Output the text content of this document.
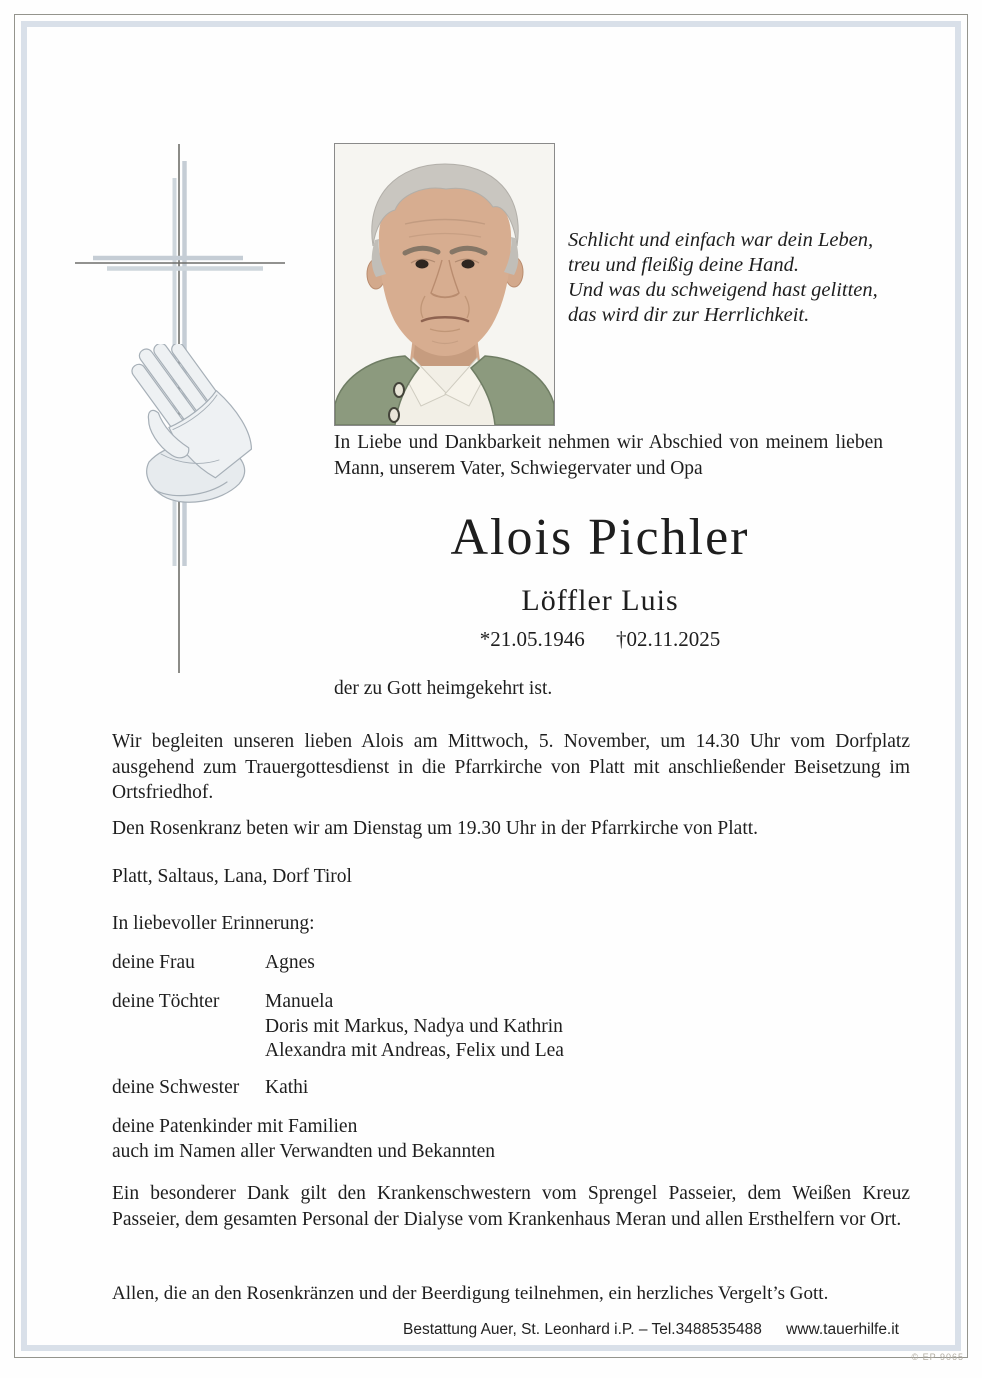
Schlicht und einfach war dein Leben,
treu und fleißig deine Hand.
Und was du schweigend hast gelitten,
das wird dir zur Herrlichkeit.
In Liebe und Dankbarkeit nehmen wir Abschied von meinem lieben Mann, unserem Vater, Schwiegervater und Opa
Alois Pichler
Löffler Luis
*21.05.1946 †02.11.2025
der zu Gott heimgekehrt ist.
Wir begleiten unseren lieben Alois am Mittwoch, 5. November, um 14.30 Uhr vom Dorfplatz ausgehend zum Trauergottesdienst in die Pfarrkirche von Platt mit anschließender Beisetzung im Ortsfriedhof.
Den Rosenkranz beten wir am Dienstag um 19.30 Uhr in der Pfarrkirche von Platt.
Platt, Saltaus, Lana, Dorf Tirol
In liebevoller Erinnerung:
deine Frau	Agnes
deine Töchter	Manuela
Doris mit Markus, Nadya und Kathrin
Alexandra mit Andreas, Felix und Lea
deine Schwester	Kathi
deine Patenkinder mit Familien
auch im Namen aller Verwandten und Bekannten
Ein besonderer Dank gilt den Krankenschwestern vom Sprengel Passeier, dem Weißen Kreuz Passeier, dem gesamten Personal der Dialyse vom Krankenhaus Meran und allen Ersthelfern vor Ort.
Allen, die an den Rosenkränzen und der Beerdigung teilnehmen, ein herzliches Vergelt’s Gott.
Bestattung Auer, St. Leonhard i.P. – Tel.3488535488 www.tauerhilfe.it
© EP 9065
